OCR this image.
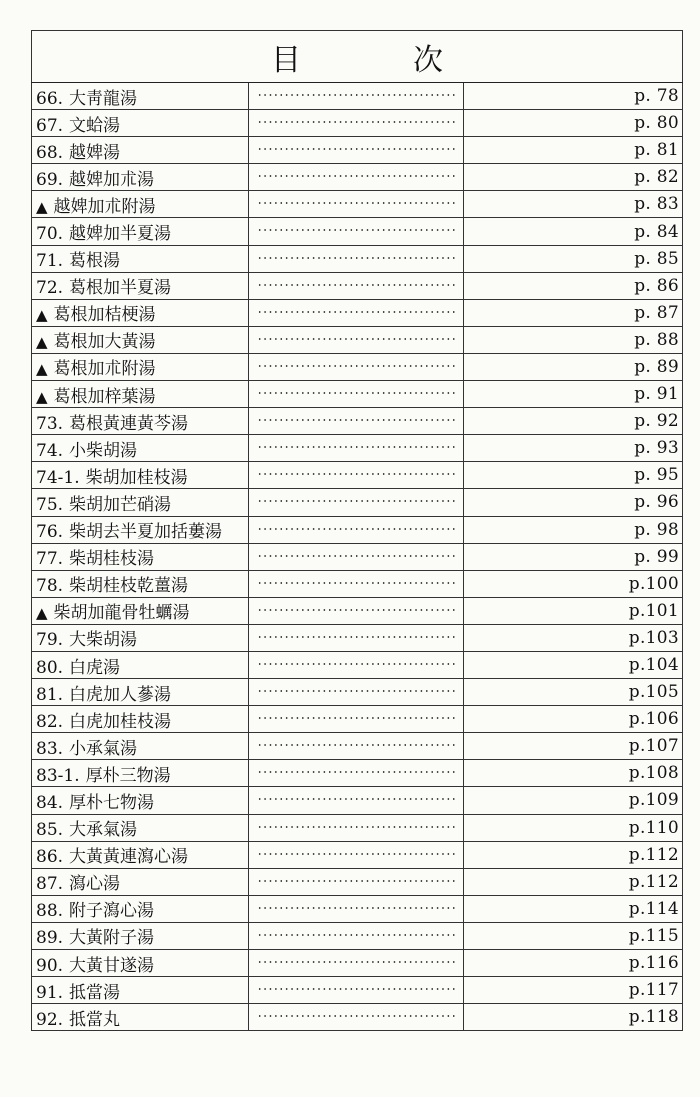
目 次		

66. 大靑龍湯		p. 78
67. 文蛤湯		p. 80
68. 越婢湯		p. 81
69. 越婢加朮湯		p. 82
▲ 越婢加朮附湯		p. 83
70. 越婢加半夏湯		p. 84
71. 葛根湯		p. 85
72. 葛根加半夏湯		p. 86
▲ 葛根加桔梗湯		p. 87
▲ 葛根加大黃湯		p. 88
▲ 葛根加朮附湯		p. 89
▲ 葛根加梓葉湯		p. 91
73. 葛根黃連黃芩湯		p. 92
74. 小柴胡湯		p. 93
74-1. 柴胡加桂枝湯		p. 95
75. 柴胡加芒硝湯		p. 96
76. 柴胡去半夏加括蔞湯		p. 98
77. 柴胡桂枝湯		p. 99
78. 柴胡桂枝乾薑湯		p.100
▲ 柴胡加龍骨牡蠣湯		p.101
79. 大柴胡湯		p.103
80. 白虎湯		p.104
81. 白虎加人蔘湯		p.105
82. 白虎加桂枝湯		p.106
83. 小承氣湯		p.107
83-1. 厚朴三物湯		p.108
84. 厚朴七物湯		p.109
85. 大承氣湯		p.110
86. 大黃黃連瀉心湯		p.112
87. 瀉心湯		p.112
88. 附子瀉心湯		p.114
89. 大黃附子湯		p.115
90. 大黃甘遂湯		p.116
91. 抵當湯		p.117
92. 抵當丸		p.118
